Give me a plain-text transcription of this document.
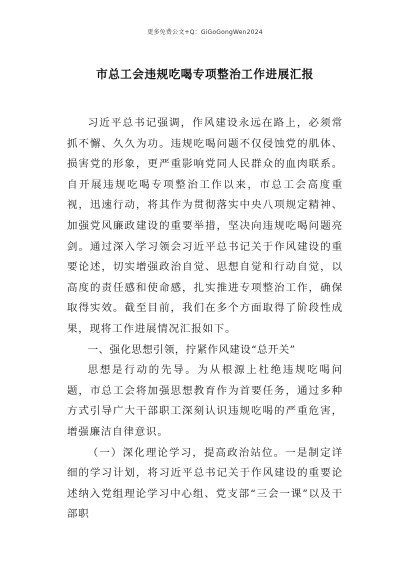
更多免费公文+Q：GiGoGongWen2024
市总工会违规吃喝专项整治工作进展汇报

习近平总书记强调，作风建设永远在路上，必须常抓不懈、久久为功。违规吃喝问题不仅侵蚀党的肌体、损害党的形象，更严重影响党同人民群众的血肉联系。自开展违规吃喝专项整治工作以来，市总工会高度重视，迅速行动，将其作为贯彻落实中央八项规定精神、加强党风廉政建设的重要举措，坚决向违规吃喝问题亮剑。通过深入学习领会习近平总书记关于作风建设的重要论述，切实增强政治自觉、思想自觉和行动自觉，以高度的责任感和使命感，扎实推进专项整治工作，确保取得实效。截至目前，我们在多个方面取得了阶段性成果，现将工作进展情况汇报如下。

一、强化思想引领，拧紧作风建设“总开关”

思想是行动的先导。为从根源上杜绝违规吃喝问题，市总工会将加强思想教育作为首要任务，通过多种方式引导广大干部职工深刻认识违规吃喝的严重危害，增强廉洁自律意识。

（一）深化理论学习，提高政治站位。一是制定详细的学习计划，将习近平总书记关于作风建设的重要论述纳入党组理论学习中心组、党支部“三会一课”以及干部职
